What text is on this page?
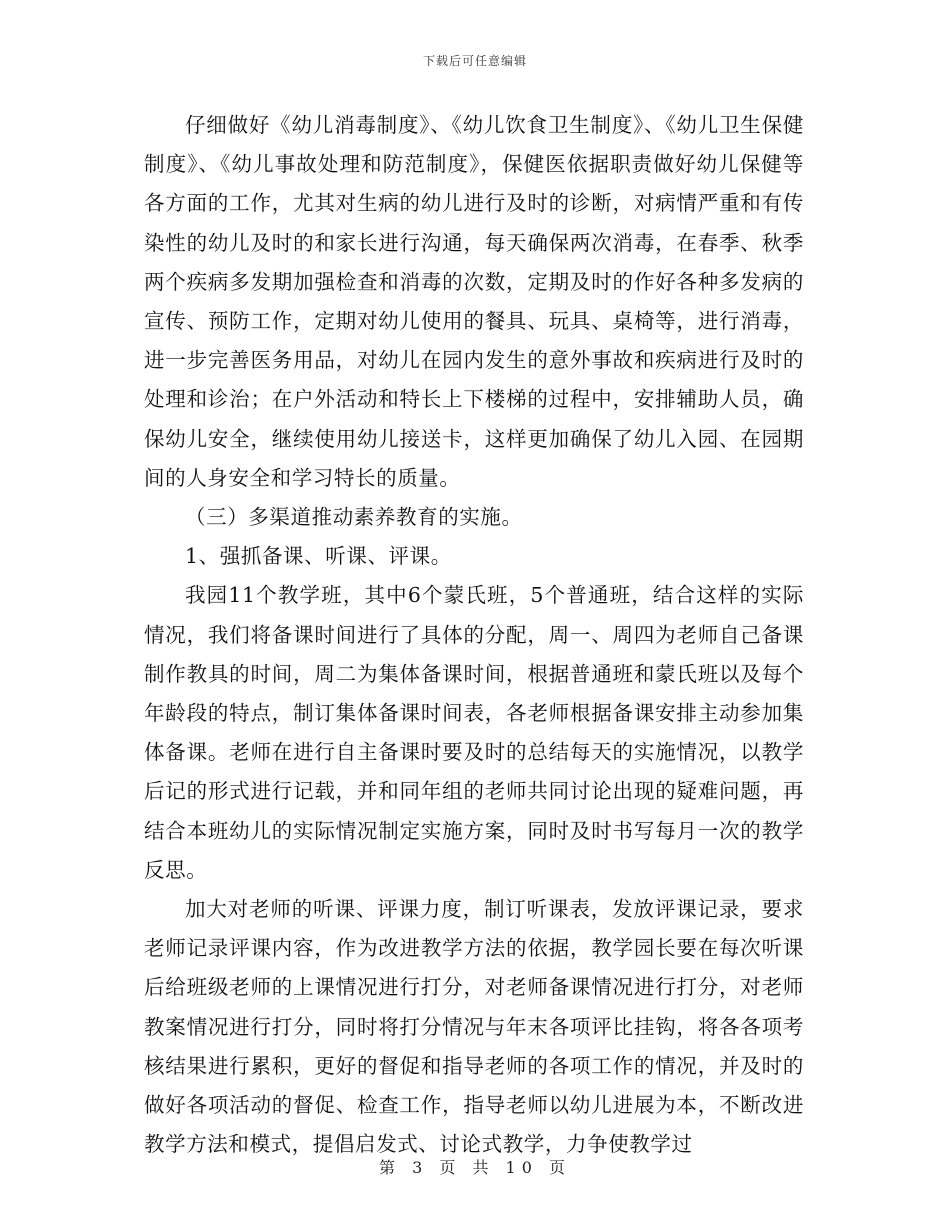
下载后可任意编辑

仔细做好《幼儿消毒制度》、《幼儿饮食卫生制度》、《幼儿卫生保健制度》、《幼儿事故处理和防范制度》，保健医依据职责做好幼儿保健等各方面的工作，尤其对生病的幼儿进行及时的诊断，对病情严重和有传染性的幼儿及时的和家长进行沟通，每天确保两次消毒，在春季、秋季两个疾病多发期加强检查和消毒的次数，定期及时的作好各种多发病的宣传、预防工作，定期对幼儿使用的餐具、玩具、桌椅等，进行消毒，进一步完善医务用品，对幼儿在园内发生的意外事故和疾病进行及时的处理和诊治；在户外活动和特长上下楼梯的过程中，安排辅助人员，确保幼儿安全，继续使用幼儿接送卡，这样更加确保了幼儿入园、在园期间的人身安全和学习特长的质量。

（三）多渠道推动素养教育的实施。

1、强抓备课、听课、评课。

我园11个教学班，其中6个蒙氏班，5个普通班，结合这样的实际情况，我们将备课时间进行了具体的分配，周一、周四为老师自己备课制作教具的时间，周二为集体备课时间，根据普通班和蒙氏班以及每个年龄段的特点，制订集体备课时间表，各老师根据备课安排主动参加集体备课。老师在进行自主备课时要及时的总结每天的实施情况，以教学后记的形式进行记载，并和同年组的老师共同讨论出现的疑难问题，再结合本班幼儿的实际情况制定实施方案，同时及时书写每月一次的教学反思。

加大对老师的听课、评课力度，制订听课表，发放评课记录，要求老师记录评课内容，作为改进教学方法的依据，教学园长要在每次听课后给班级老师的上课情况进行打分，对老师备课情况进行打分，对老师教案情况进行打分，同时将打分情况与年末各项评比挂钩，将各各项考核结果进行累积，更好的督促和指导老师的各项工作的情况，并及时的做好各项活动的督促、检查工作，指导老师以幼儿进展为本，不断改进教学方法和模式，提倡启发式、讨论式教学，力争使教学过

第 3 页 共 10 页
